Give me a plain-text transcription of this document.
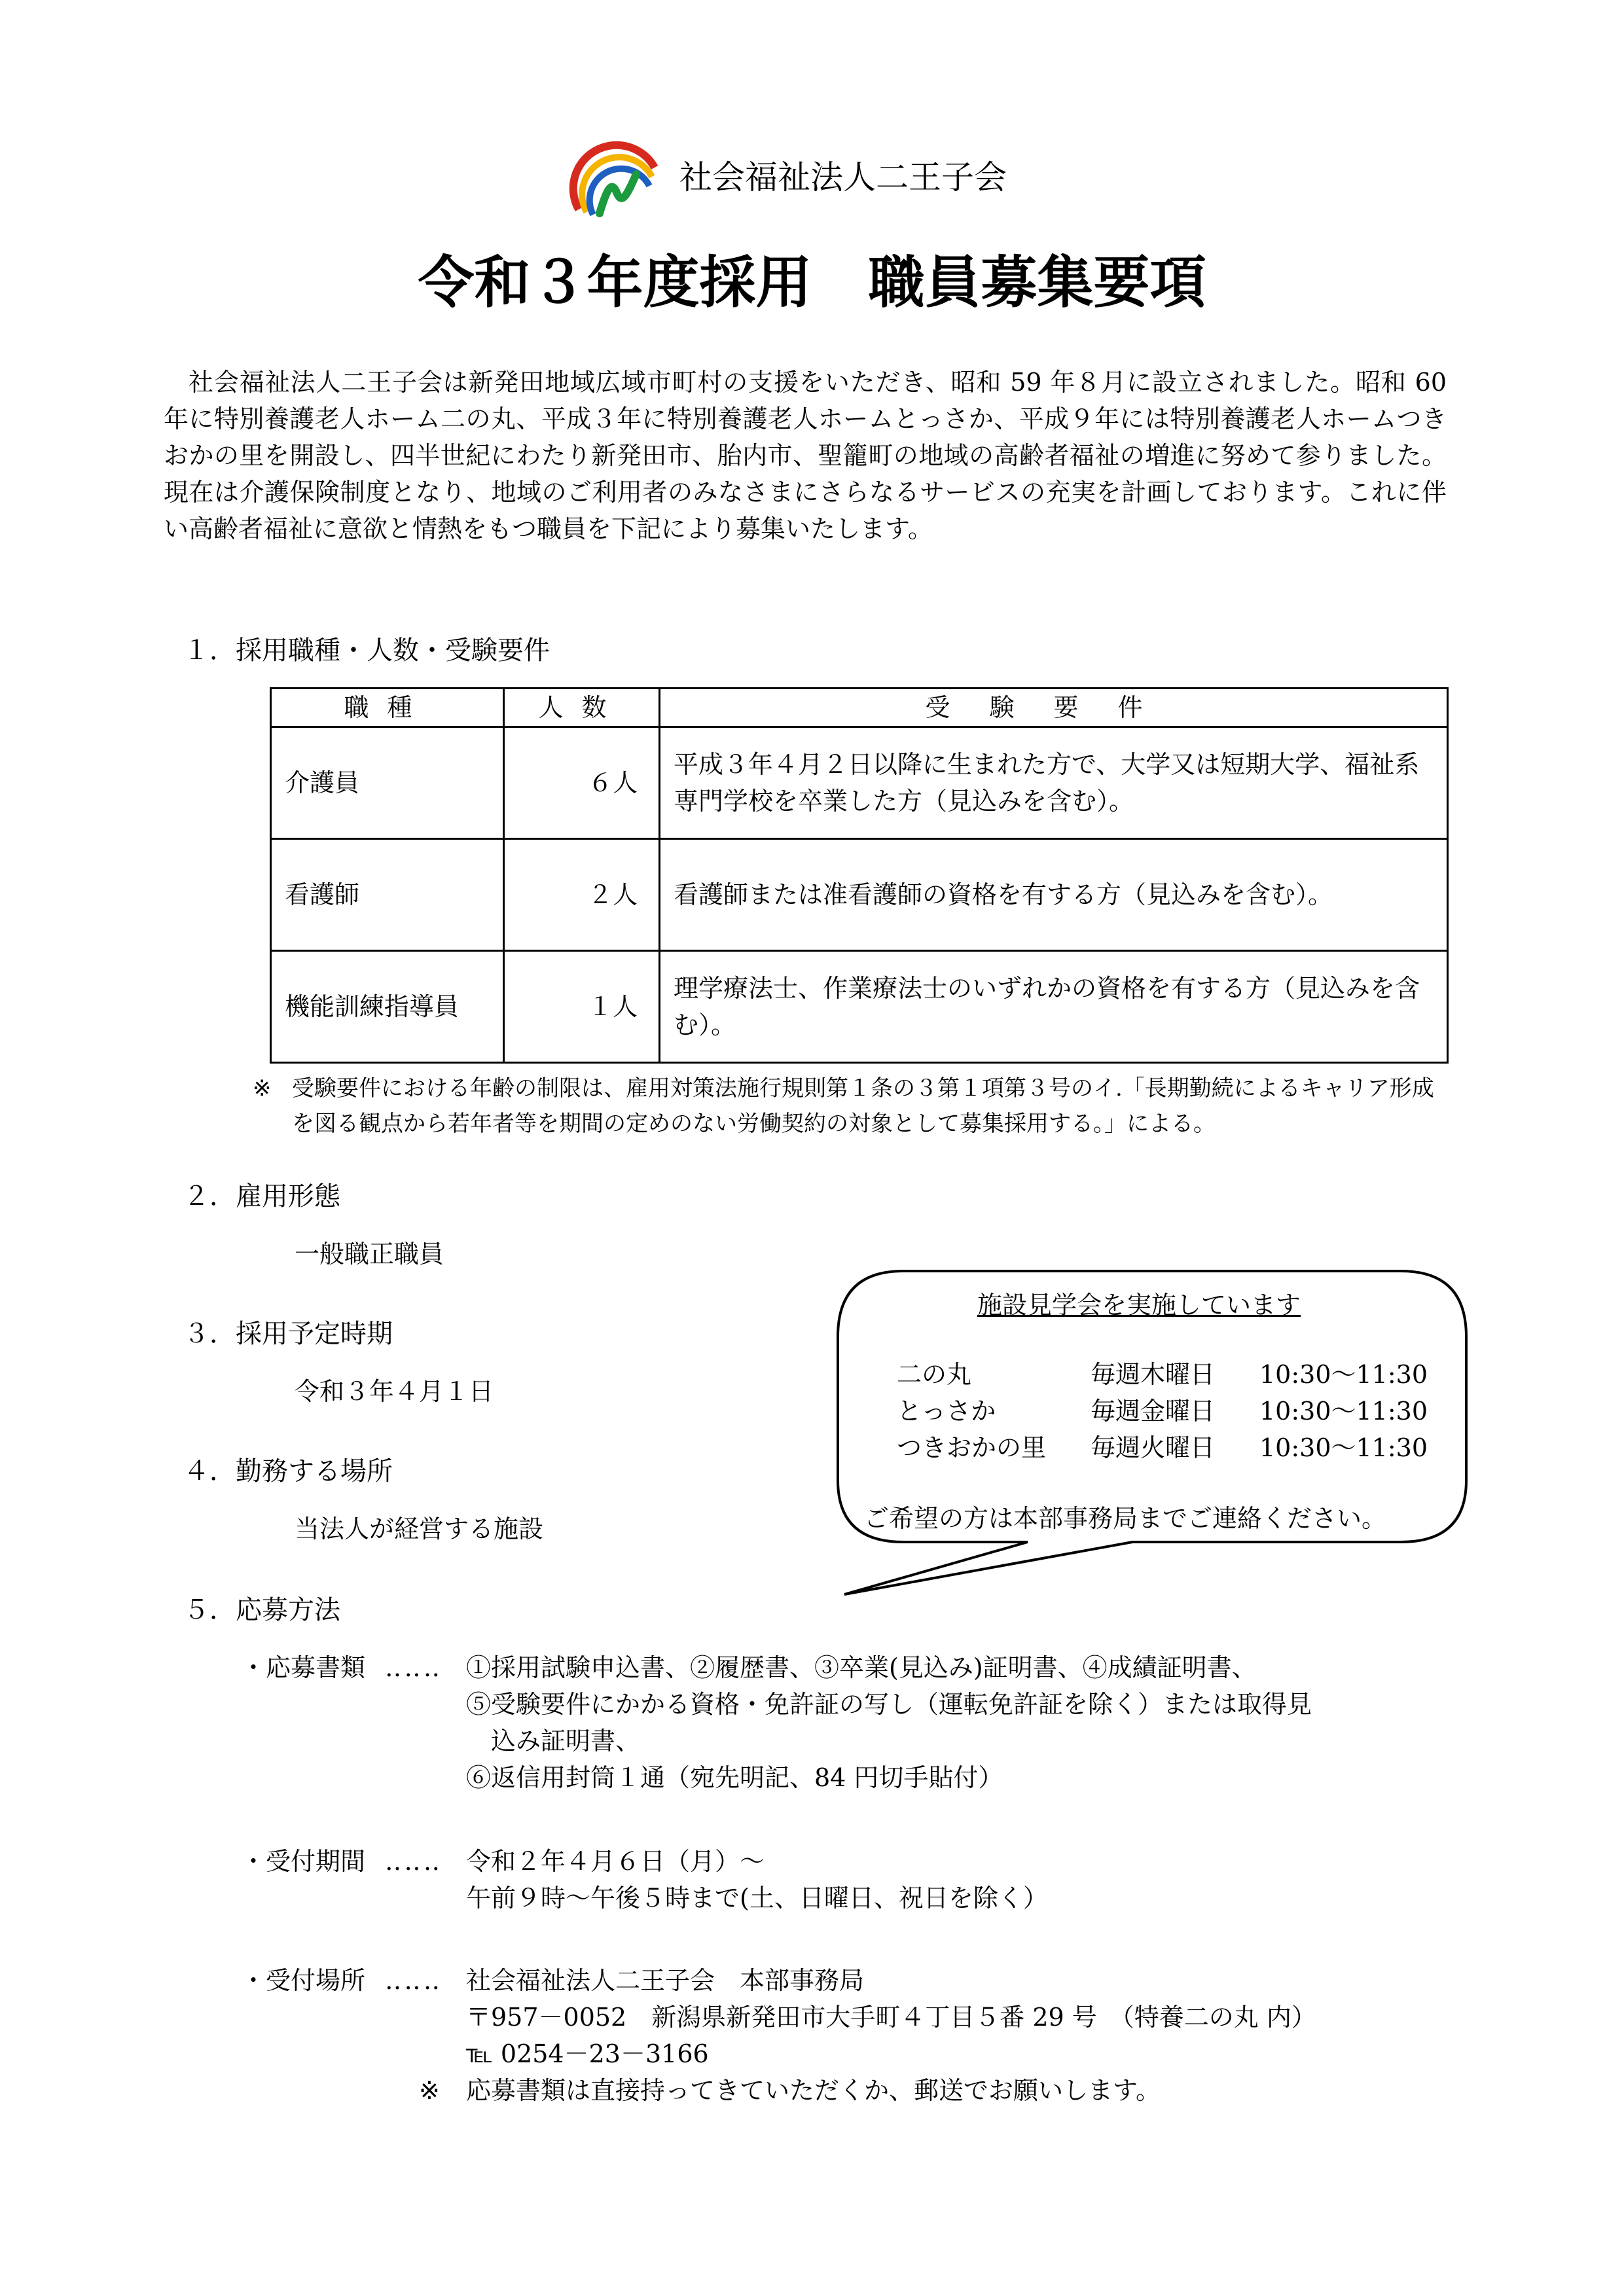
社会福祉法人二王子会
令和３年度採用　職員募集要項

社会福祉法人二王子会は新発田地域広域市町村の支援をいただき、昭和 59 年８月に設立されました。昭和 60 年に特別養護老人ホーム二の丸、平成３年に特別養護老人ホームとっさか、平成９年には特別養護老人ホームつきおかの里を開設し、四半世紀にわたり新発田市、胎内市、聖籠町の地域の高齢者福祉の増進に努めて参りました。現在は介護保険制度となり、地域のご利用者のみなさまにさらなるサービスの充実を計画しております。これに伴い高齢者福祉に意欲と情熱をもつ職員を下記により募集いたします。

１．採用職種・人数・受験要件
職種	人数	受験要件
介護員	６人	平成３年４月２日以降に生まれた方で、大学又は短期大学、福祉系専門学校を卒業した方（見込みを含む）。
看護師	２人	看護師または准看護師の資格を有する方（見込みを含む）。
機能訓練指導員	１人	理学療法士、作業療法士のいずれかの資格を有する方（見込みを含む）。
※ 受験要件における年齢の制限は、雇用対策法施行規則第１条の３第１項第３号のイ.「長期勤続によるキャリア形成を図る観点から若年者等を期間の定めのない労働契約の対象として募集採用する。」による。
２．雇用形態
一般職正職員
３．採用予定時期
令和３年４月１日
４．勤務する場所
当法人が経営する施設
施設見学会を実施しています
二の丸	毎週木曜日 10:30～11:30
とっさか	毎週金曜日 10:30～11:30
つきおかの里 毎週火曜日 10:30～11:30
ご希望の方は本部事務局までご連絡ください。
５．応募方法
・応募書類 ‥‥‥ ①採用試験申込書、②履歴書、③卒業(見込み)証明書、④成績証明書、
⑤受験要件にかかる資格・免許証の写し（運転免許証を除く）または取得見
込み証明書、
⑥返信用封筒１通（宛先明記、84 円切手貼付）
・受付期間 ‥‥‥ 令和２年４月６日（月）～
午前９時～午後５時まで(土、日曜日、祝日を除く）
・受付場所 ‥‥‥ 社会福祉法人二王子会　本部事務局
〒957－0052　新潟県新発田市大手町４丁目５番 29 号　（特養二の丸 内）
℡ 0254－23－3166
※ 応募書類は直接持ってきていただくか、郵送でお願いします。
